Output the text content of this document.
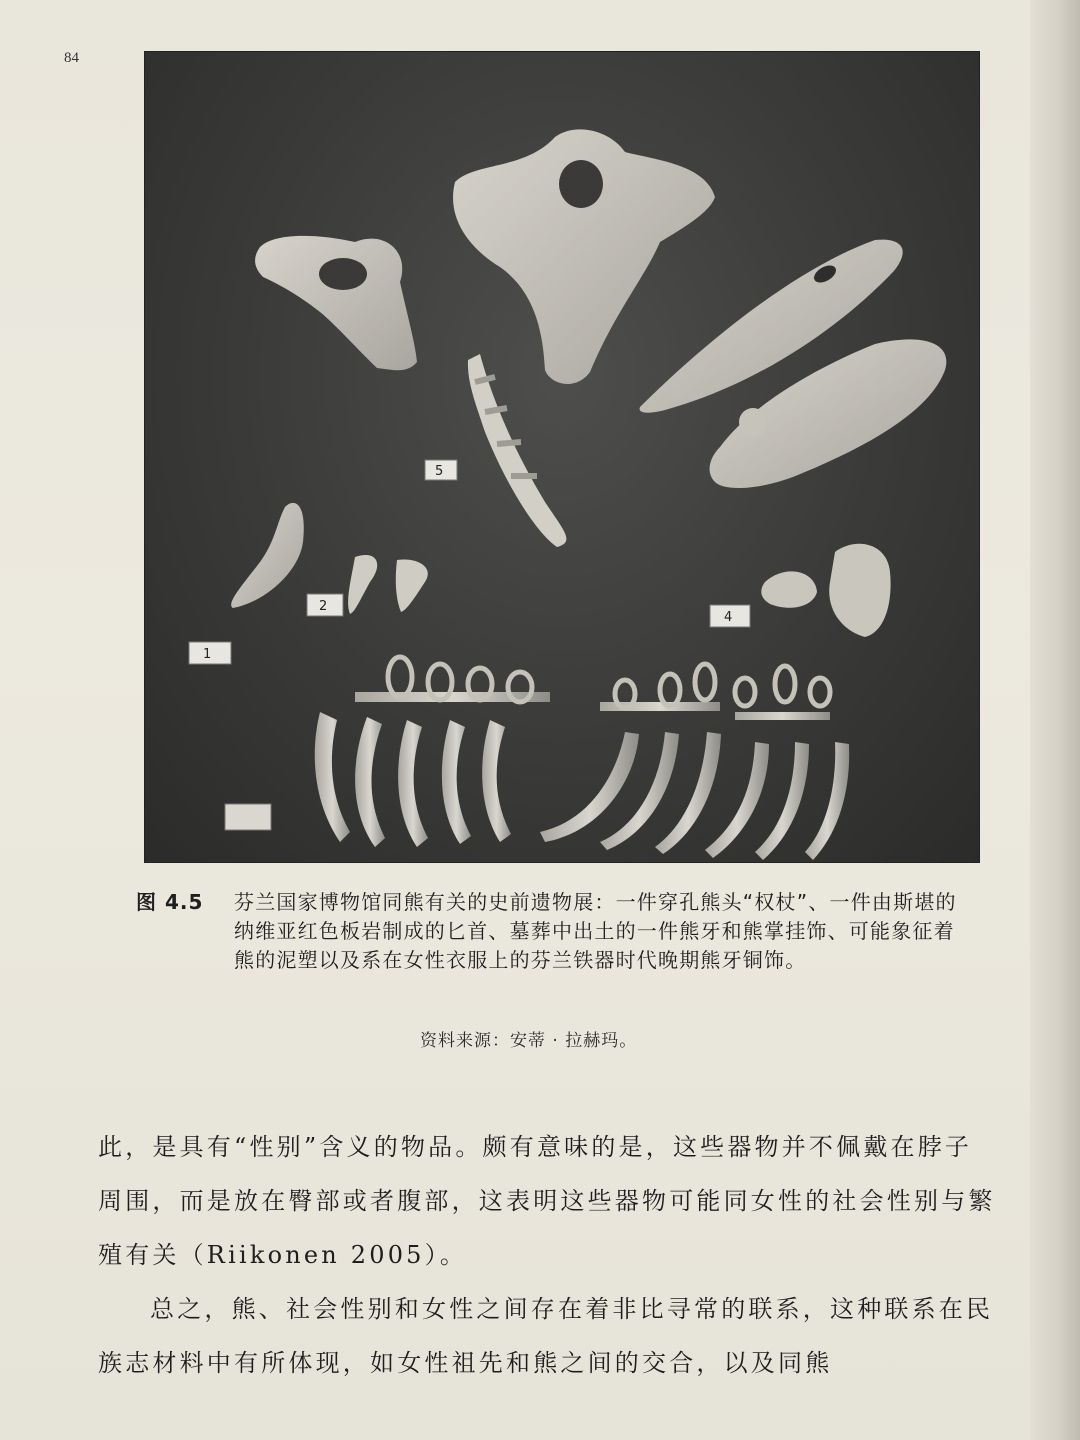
84
5
2
1
4
图 4.5 芬兰国家博物馆同熊有关的史前遗物展：一件穿孔熊头“权杖”、一件由斯堪的纳维亚红色板岩制成的匕首、墓葬中出土的一件熊牙和熊掌挂饰、可能象征着熊的泥塑以及系在女性衣服上的芬兰铁器时代晚期熊牙铜饰。
资料来源：安蒂 · 拉赫玛。

此，是具有“性别”含义的物品。颇有意味的是，这些器物并不佩戴在脖子周围，而是放在臀部或者腹部，这表明这些器物可能同女性的社会性别与繁殖有关（Riikonen 2005）。

总之，熊、社会性别和女性之间存在着非比寻常的联系，这种联系在民族志材料中有所体现，如女性祖先和熊之间的交合，以及同熊
